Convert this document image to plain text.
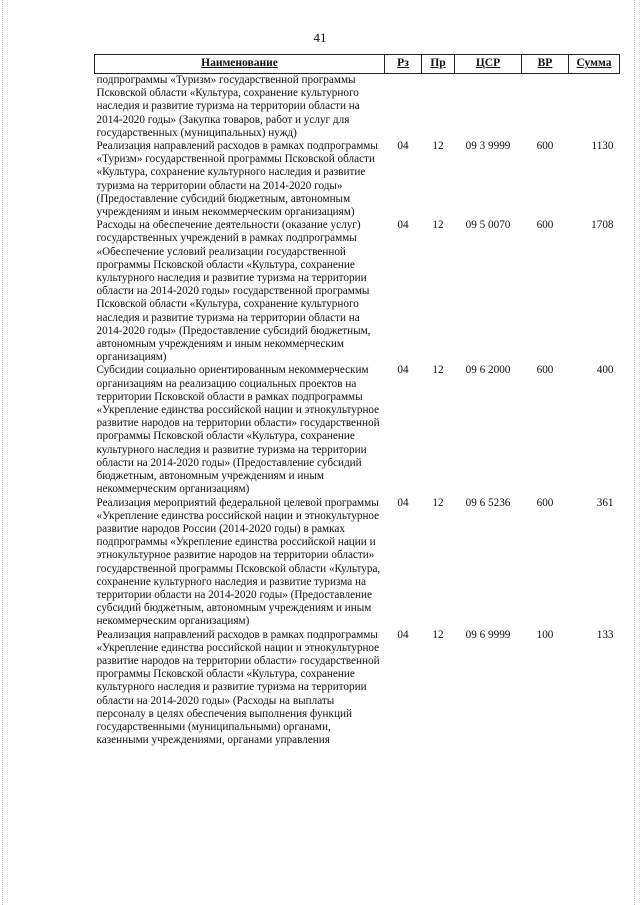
41
Наименование	Рз	Пр	ЦСР	ВР	Сумма
подпрограммы «Туризм» государственной программы Псковской области «Культура, сохранение культурного наследия и развитие туризма на территории области на 2014-2020 годы» (Закупка товаров, работ и услуг для государственных (муниципальных) нужд)					
Реализация направлений расходов в рамках подпрограммы «Туризм» государственной программы Псковской области «Культура, сохранение культурного наследия и развитие туризма на территории области на 2014-2020 годы» (Предоставление субсидий бюджетным, автономным учреждениям и иным некоммерческим организациям)	04	12	09 3 9999	600	1130
Расходы на обеспечение деятельности (оказание услуг) государственных учреждений в рамках подпрограммы «Обеспечение условий реализации государственной программы Псковской области «Культура, сохранение культурного наследия и развитие туризма на территории области на 2014-2020 годы» государственной программы Псковской области «Культура, сохранение культурного наследия и развитие туризма на территории области на 2014-2020 годы» (Предоставление субсидий бюджетным, автономным учреждениям и иным некоммерческим организациям)	04	12	09 5 0070	600	1708
Субсидии социально ориентированным некоммерческим организациям на реализацию социальных проектов на территории Псковской области в рамках подпрограммы «Укрепление единства российской нации и этнокультурное развитие народов на территории области» государственной программы Псковской области «Культура, сохранение культурного наследия и развитие туризма на территории области на 2014-2020 годы» (Предоставление субсидий бюджетным, автономным учреждениям и иным некоммерческим организациям)	04	12	09 6 2000	600	400
Реализация мероприятий федеральной целевой программы «Укрепление единства российской нации и этнокультурное развитие народов России (2014-2020 годы) в рамках подпрограммы «Укрепление единства российской нации и этнокультурное развитие народов на территории области» государственной программы Псковской области «Культура, сохранение культурного наследия и развитие туризма на территории области на 2014-2020 годы» (Предоставление субсидий бюджетным, автономным учреждениям и иным некоммерческим организациям)	04	12	09 6 5236	600	361
Реализация направлений расходов в рамках подпрограммы «Укрепление единства российской нации и этнокультурное развитие народов на территории области» государственной программы Псковской области «Культура, сохранение культурного наследия и развитие туризма на территории области на 2014-2020 годы» (Расходы на выплаты персоналу в целях обеспечения выполнения функций государственными (муниципальными) органами, казенными учреждениями, органами управления	04	12	09 6 9999	100	133
